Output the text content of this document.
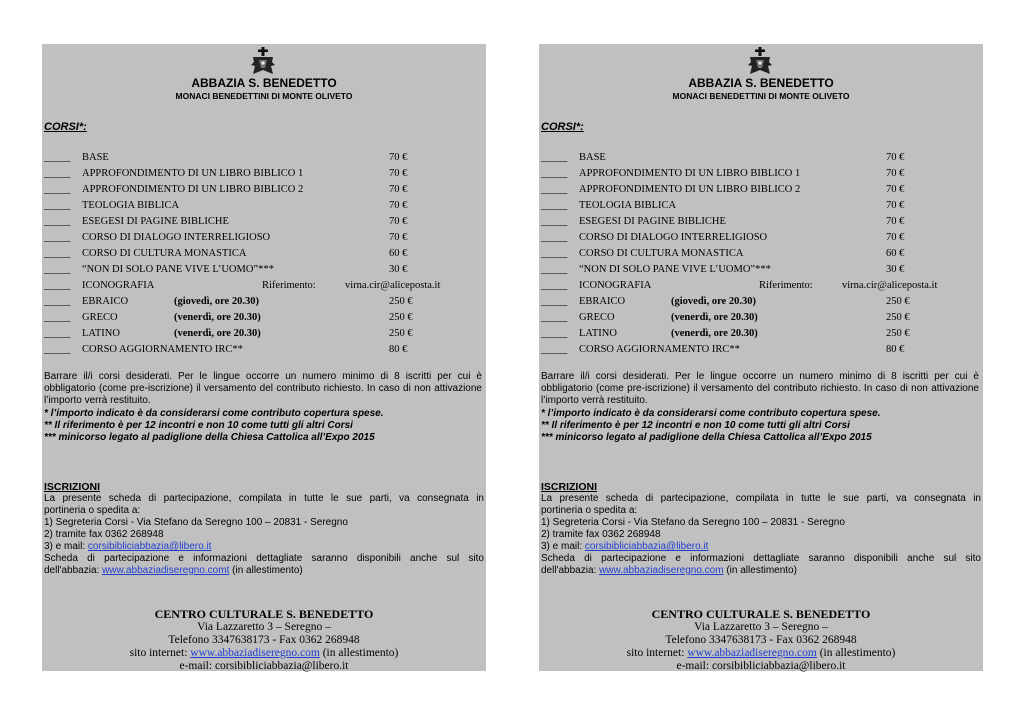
ABBAZIA S. BENEDETTO
MONACI BENEDETTINI DI MONTE OLIVETO
CORSI*:
_____ BASE	70 €
_____ APPROFONDIMENTO DI UN LIBRO BIBLICO 1	70 €
_____ APPROFONDIMENTO DI UN LIBRO BIBLICO 2	70 €
_____ TEOLOGIA BIBLICA	70 €
_____ ESEGESI DI PAGINE BIBLICHE	70 €
_____ CORSO DI DIALOGO INTERRELIGIOSO	70 €
_____ CORSO DI CULTURA MONASTICA	60 €
_____ “NON DI SOLO PANE VIVE L’UOMO”***	30 €
_____ ICONOGRAFIA	Riferimento:	virna.cir@aliceposta.it
_____ EBRAICO	(giovedì, ore 20.30)	250 €
_____ GRECO	(venerdì, ore 20.30)	250 €
_____ LATINO	(venerdì, ore 20.30)	250 €
_____ CORSO AGGIORNAMENTO IRC**	80 €

Barrare il/i corsi desiderati. Per le lingue occorre un numero minimo di 8 iscritti per cui è obbligatorio (come pre-iscrizione) il versamento del contributo richiesto. In caso di non attivazione l’importo verrà restituito.

* l’importo indicato è da considerarsi come contributo copertura spese.
** Il riferimento è per 12 incontri e non 10 come tutti gli altri Corsi
*** minicorso legato al padiglione della Chiesa Cattolica all’Expo 2015
ISCRIZIONI
La presente scheda di partecipazione, compilata in tutte le sue parti, va consegnata in
portineria o spedita a:
1) Segreteria Corsi - Via Stefano da Seregno 100 – 20831 - Seregno
2) tramite fax 0362 268948
3) e mail: corsibibliciabbazia@libero.it
Scheda di partecipazione e informazioni dettagliate saranno disponibili anche sul sito
dell'abbazia: www.abbaziadiseregno.comt (in allestimento)
CENTRO CULTURALE S. BENEDETTO
Via Lazzaretto 3 – Seregno –
Telefono 3347638173 - Fax 0362 268948
sito internet: www.abbaziadiseregno.com (in allestimento)
e-mail: corsibibliciabbazia@libero.it
ABBAZIA S. BENEDETTO
MONACI BENEDETTINI DI MONTE OLIVETO
CORSI*:
_____ BASE	70 €
_____ APPROFONDIMENTO DI UN LIBRO BIBLICO 1	70 €
_____ APPROFONDIMENTO DI UN LIBRO BIBLICO 2	70 €
_____ TEOLOGIA BIBLICA	70 €
_____ ESEGESI DI PAGINE BIBLICHE	70 €
_____ CORSO DI DIALOGO INTERRELIGIOSO	70 €
_____ CORSO DI CULTURA MONASTICA	60 €
_____ “NON DI SOLO PANE VIVE L’UOMO”***	30 €
_____ ICONOGRAFIA	Riferimento:	virna.cir@aliceposta.it
_____ EBRAICO	(giovedì, ore 20.30)	250 €
_____ GRECO	(venerdì, ore 20.30)	250 €
_____ LATINO	(venerdì, ore 20.30)	250 €
_____ CORSO AGGIORNAMENTO IRC**	80 €

Barrare il/i corsi desiderati. Per le lingue occorre un numero minimo di 8 iscritti per cui è obbligatorio (come pre-iscrizione) il versamento del contributo richiesto. In caso di non attivazione l’importo verrà restituito.

* l’importo indicato è da considerarsi come contributo copertura spese.
** Il riferimento è per 12 incontri e non 10 come tutti gli altri Corsi
*** minicorso legato al padiglione della Chiesa Cattolica all’Expo 2015
ISCRIZIONI
La presente scheda di partecipazione, compilata in tutte le sue parti, va consegnata in
portineria o spedita a:
1) Segreteria Corsi - Via Stefano da Seregno 100 – 20831 - Seregno
2) tramite fax 0362 268948
3) e mail: corsibibliciabbazia@libero.it
Scheda di partecipazione e informazioni dettagliate saranno disponibili anche sul sito
dell'abbazia: www.abbaziadiseregno.com (in allestimento)
CENTRO CULTURALE S. BENEDETTO
Via Lazzaretto 3 – Seregno –
Telefono 3347638173 - Fax 0362 268948
sito internet: www.abbaziadiseregno.com (in allestimento)
e-mail: corsibibliciabbazia@libero.it
